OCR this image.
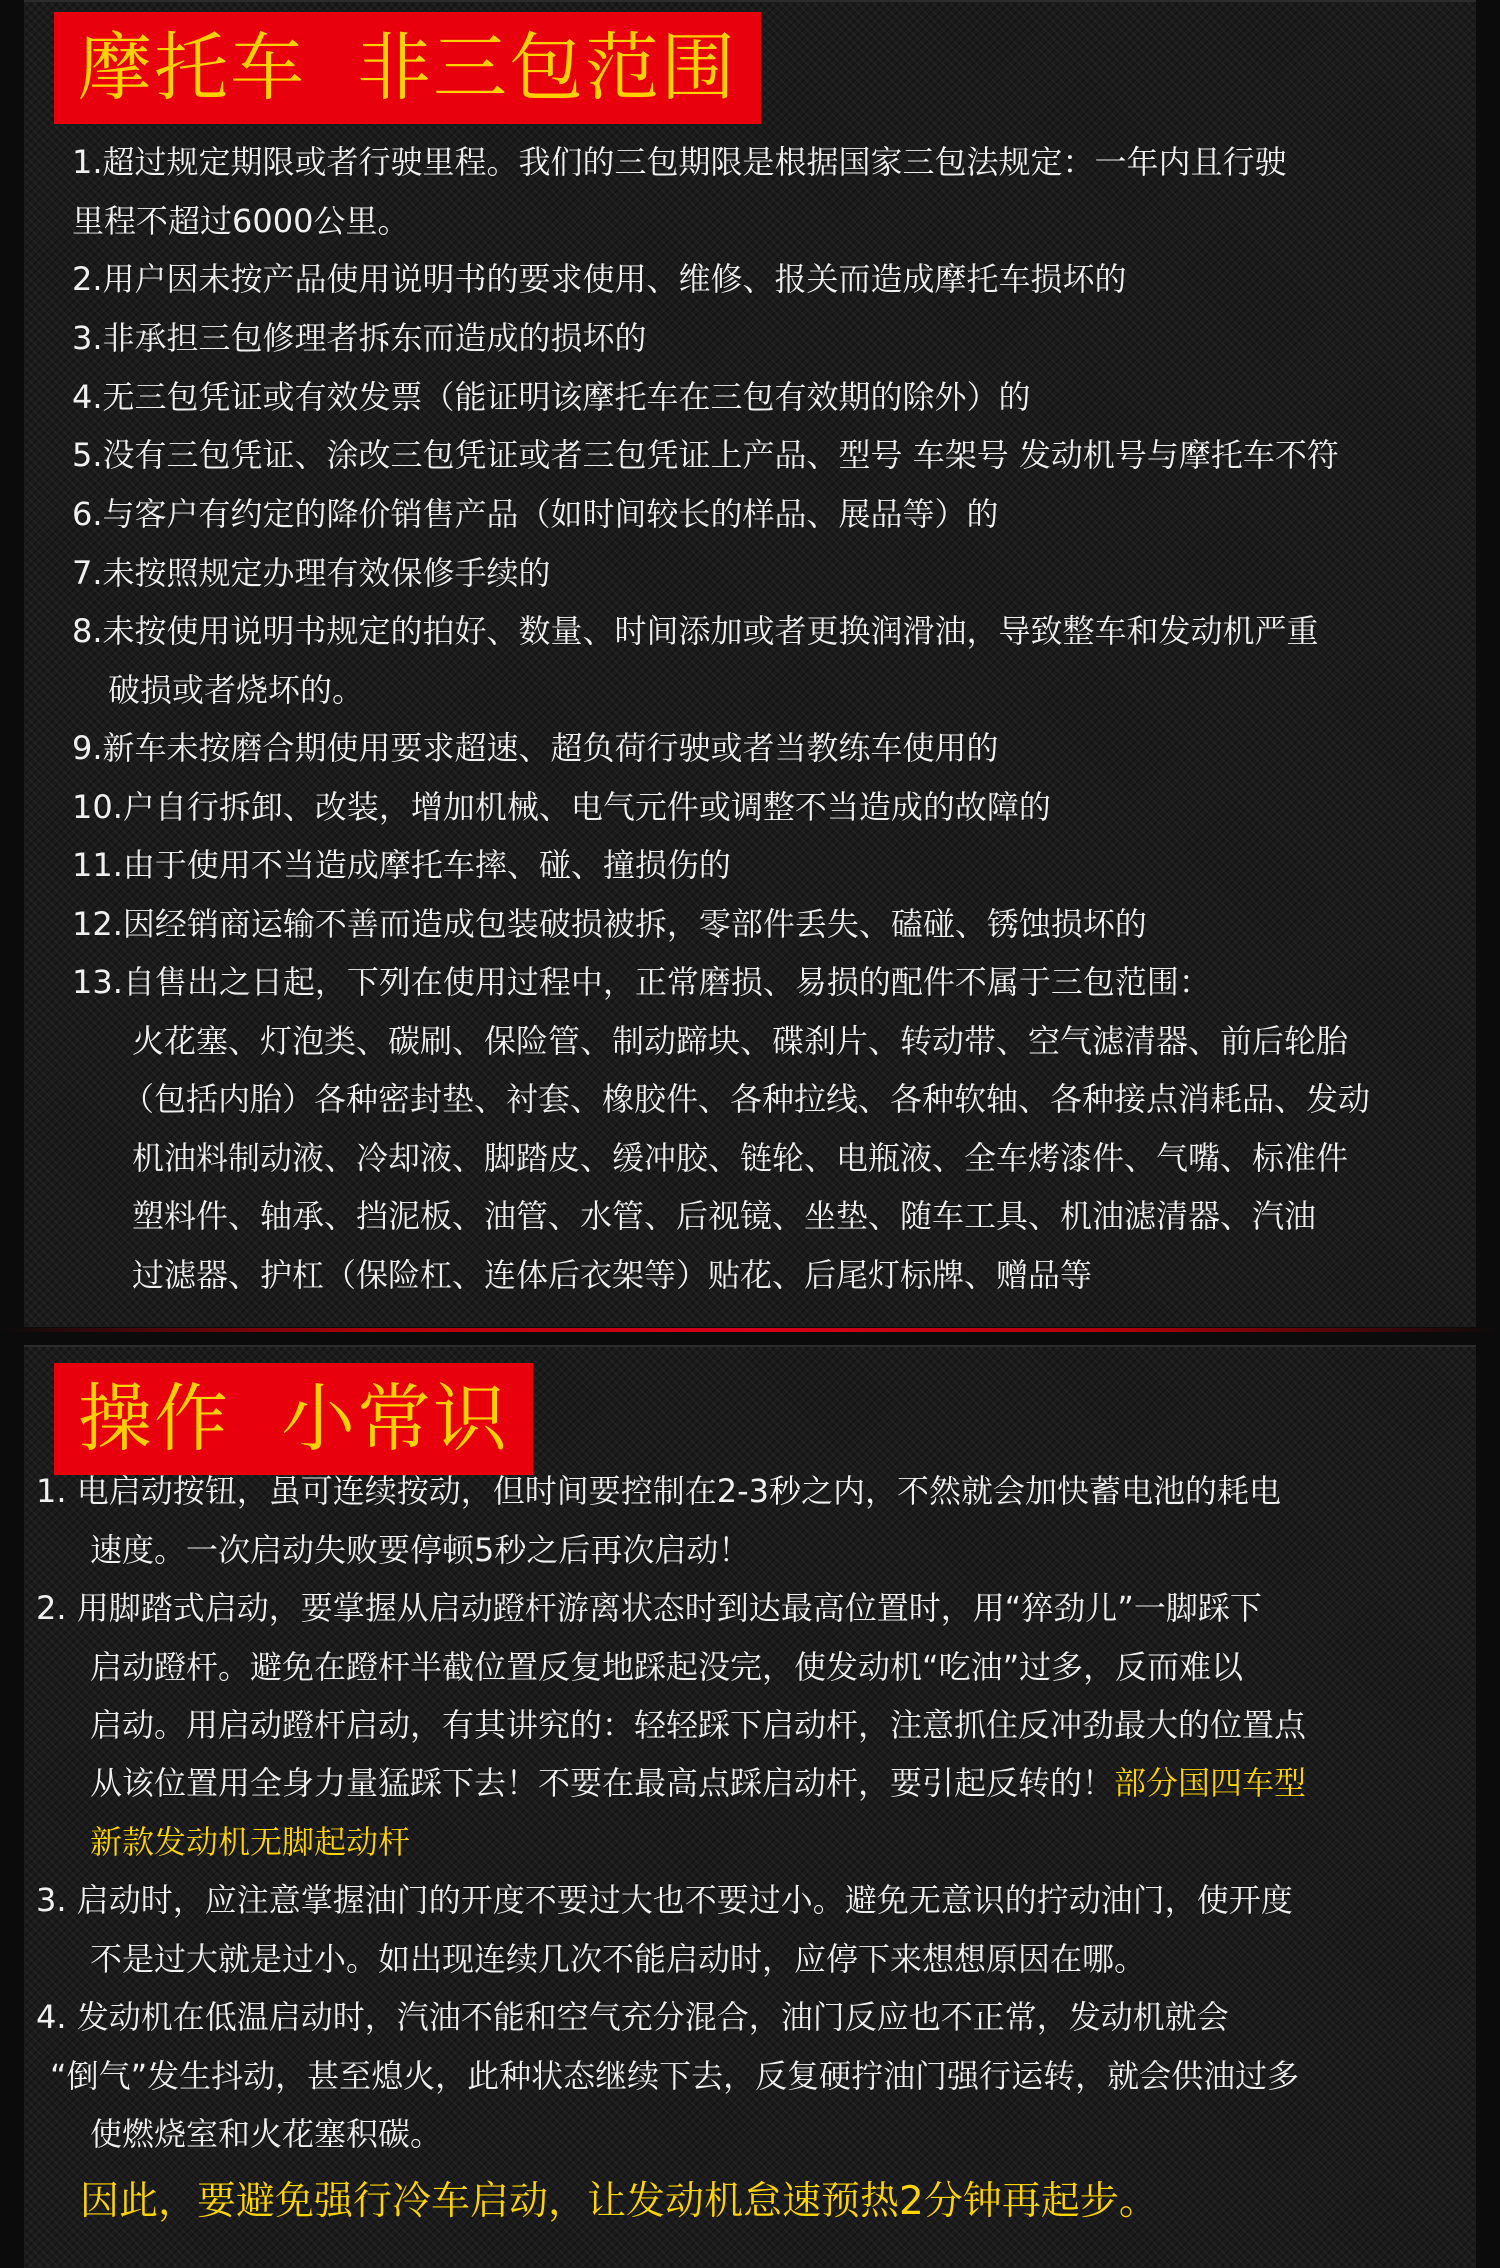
摩托车  非三包范围
1.超过规定期限或者行驶里程。我们的三包期限是根据国家三包法规定：一年内且行驶
里程不超过6000公里。
2.用户因未按产品使用说明书的要求使用、维修、报关而造成摩托车损坏的
3.非承担三包修理者拆东而造成的损坏的
4.无三包凭证或有效发票（能证明该摩托车在三包有效期的除外）的
5.没有三包凭证、涂改三包凭证或者三包凭证上产品、型号 车架号 发动机号与摩托车不符
6.与客户有约定的降价销售产品（如时间较长的样品、展品等）的
7.未按照规定办理有效保修手续的
8.未按使用说明书规定的拍好、数量、时间添加或者更换润滑油，导致整车和发动机严重
破损或者烧坏的。
9.新车未按磨合期使用要求超速、超负荷行驶或者当教练车使用的
10.户自行拆卸、改装，增加机械、电气元件或调整不当造成的故障的
11.由于使用不当造成摩托车摔、碰、撞损伤的
12.因经销商运输不善而造成包装破损被拆，零部件丢失、磕碰、锈蚀损坏的
13.自售出之日起，下列在使用过程中，正常磨损、易损的配件不属于三包范围：
火花塞、灯泡类、碳刷、保险管、制动蹄块、碟刹片、转动带、空气滤清器、前后轮胎
（包括内胎）各种密封垫、衬套、橡胶件、各种拉线、各种软轴、各种接点消耗品、发动
机油料制动液、冷却液、脚踏皮、缓冲胶、链轮、电瓶液、全车烤漆件、气嘴、标准件
塑料件、轴承、挡泥板、油管、水管、后视镜、坐垫、随车工具、机油滤清器、汽油
过滤器、护杠（保险杠、连体后衣架等）贴花、后尾灯标牌、赠品等
操作  小常识
1. 电启动按钮，虽可连续按动，但时间要控制在2-3秒之内，不然就会加快蓄电池的耗电
速度。一次启动失败要停顿5秒之后再次启动！
2. 用脚踏式启动，要掌握从启动蹬杆游离状态时到达最高位置时，用“猝劲儿”一脚踩下
启动蹬杆。避免在蹬杆半截位置反复地踩起没完，使发动机“吃油”过多，反而难以
启动。用启动蹬杆启动，有其讲究的：轻轻踩下启动杆，注意抓住反冲劲最大的位置点
从该位置用全身力量猛踩下去！不要在最高点踩启动杆，要引起反转的！部分国四车型
新款发动机无脚起动杆
3. 启动时，应注意掌握油门的开度不要过大也不要过小。避免无意识的拧动油门，使开度
不是过大就是过小。如出现连续几次不能启动时，应停下来想想原因在哪。
4. 发动机在低温启动时，汽油不能和空气充分混合，油门反应也不正常，发动机就会
“倒气”发生抖动，甚至熄火，此种状态继续下去，反复硬拧油门强行运转，就会供油过多
使燃烧室和火花塞积碳。
因此，要避免强行冷车启动，让发动机怠速预热2分钟再起步。
